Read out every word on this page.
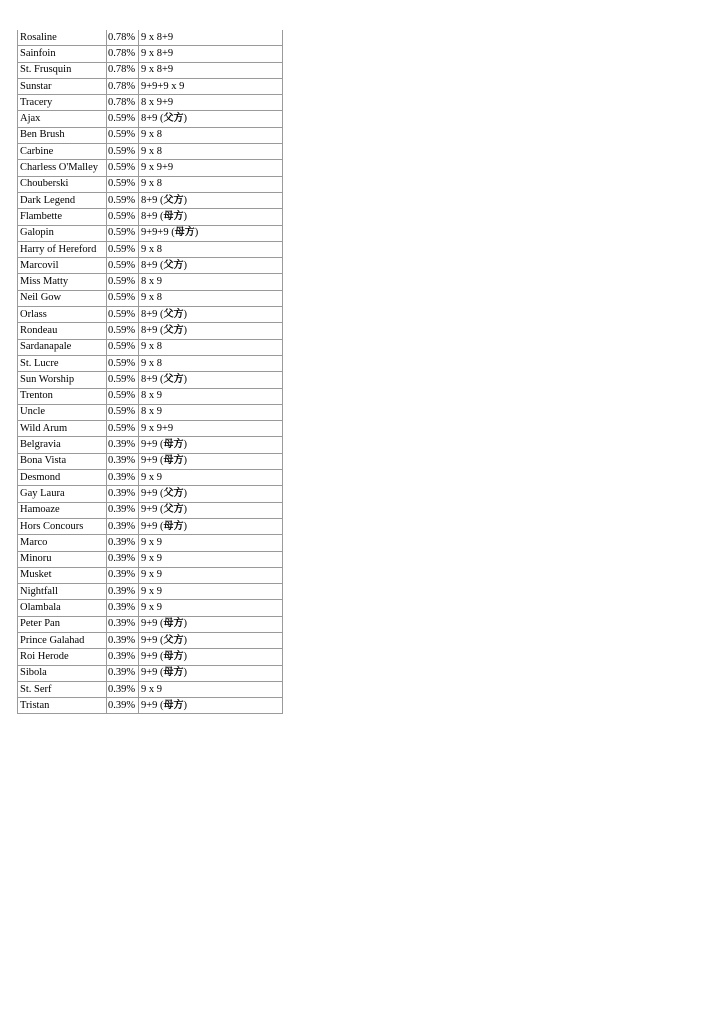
Rosaline	0.78%	9 x 8+9
Sainfoin	0.78%	9 x 8+9
St. Frusquin	0.78%	9 x 8+9
Sunstar	0.78%	9+9+9 x 9
Tracery	0.78%	8 x 9+9
Ajax	0.59%	8+9 (父方)
Ben Brush	0.59%	9 x 8
Carbine	0.59%	9 x 8
Charless O'Malley	0.59%	9 x 9+9
Chouberski	0.59%	9 x 8
Dark Legend	0.59%	8+9 (父方)
Flambette	0.59%	8+9 (母方)
Galopin	0.59%	9+9+9 (母方)
Harry of Hereford	0.59%	9 x 8
Marcovil	0.59%	8+9 (父方)
Miss Matty	0.59%	8 x 9
Neil Gow	0.59%	9 x 8
Orlass	0.59%	8+9 (父方)
Rondeau	0.59%	8+9 (父方)
Sardanapale	0.59%	9 x 8
St. Lucre	0.59%	9 x 8
Sun Worship	0.59%	8+9 (父方)
Trenton	0.59%	8 x 9
Uncle	0.59%	8 x 9
Wild Arum	0.59%	9 x 9+9
Belgravia	0.39%	9+9 (母方)
Bona Vista	0.39%	9+9 (母方)
Desmond	0.39%	9 x 9
Gay Laura	0.39%	9+9 (父方)
Hamoaze	0.39%	9+9 (父方)
Hors Concours	0.39%	9+9 (母方)
Marco	0.39%	9 x 9
Minoru	0.39%	9 x 9
Musket	0.39%	9 x 9
Nightfall	0.39%	9 x 9
Olambala	0.39%	9 x 9
Peter Pan	0.39%	9+9 (母方)
Prince Galahad	0.39%	9+9 (父方)
Roi Herode	0.39%	9+9 (母方)
Sibola	0.39%	9+9 (母方)
St. Serf	0.39%	9 x 9
Tristan	0.39%	9+9 (母方)
